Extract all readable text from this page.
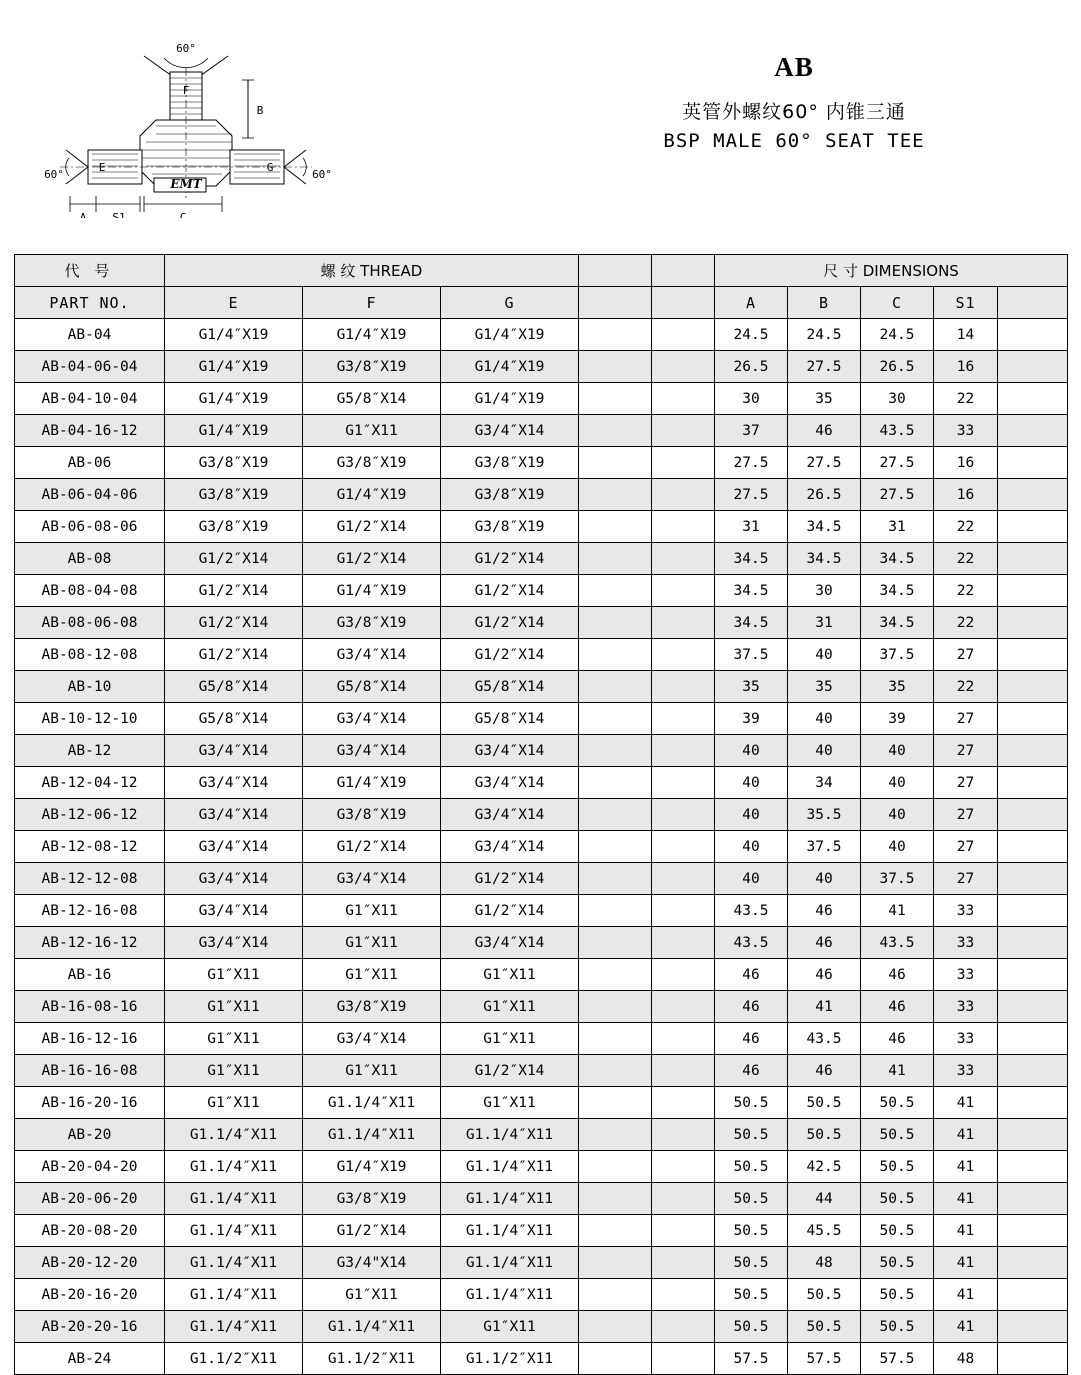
60°
F
60°	60°
E	G
B
A S1	C
EMT
AB
英管外螺纹60° 内锥三通
BSP MALE 60° SEAT TEE
代 号	螺 纹 THREAD					尺 寸 DIMENSIONS				
PART NO.	E	F	G			A	B	C	S1	
AB-04	G1/4″X19	G1/4″X19	G1/4″X19			24.5	24.5	24.5	14	
AB-04-06-04	G1/4″X19	G3/8″X19	G1/4″X19			26.5	27.5	26.5	16	
AB-04-10-04	G1/4″X19	G5/8″X14	G1/4″X19			30	35	30	22	
AB-04-16-12	G1/4″X19	G1″X11	G3/4″X14			37	46	43.5	33	
AB-06	G3/8″X19	G3/8″X19	G3/8″X19			27.5	27.5	27.5	16	
AB-06-04-06	G3/8″X19	G1/4″X19	G3/8″X19			27.5	26.5	27.5	16	
AB-06-08-06	G3/8″X19	G1/2″X14	G3/8″X19			31	34.5	31	22	
AB-08	G1/2″X14	G1/2″X14	G1/2″X14			34.5	34.5	34.5	22	
AB-08-04-08	G1/2″X14	G1/4″X19	G1/2″X14			34.5	30	34.5	22	
AB-08-06-08	G1/2″X14	G3/8″X19	G1/2″X14			34.5	31	34.5	22	
AB-08-12-08	G1/2″X14	G3/4″X14	G1/2″X14			37.5	40	37.5	27	
AB-10	G5/8″X14	G5/8″X14	G5/8″X14			35	35	35	22	
AB-10-12-10	G5/8″X14	G3/4″X14	G5/8″X14			39	40	39	27	
AB-12	G3/4″X14	G3/4″X14	G3/4″X14			40	40	40	27	
AB-12-04-12	G3/4″X14	G1/4″X19	G3/4″X14			40	34	40	27	
AB-12-06-12	G3/4″X14	G3/8″X19	G3/4″X14			40	35.5	40	27	
AB-12-08-12	G3/4″X14	G1/2″X14	G3/4″X14			40	37.5	40	27	
AB-12-12-08	G3/4″X14	G3/4″X14	G1/2″X14			40	40	37.5	27	
AB-12-16-08	G3/4″X14	G1″X11	G1/2″X14			43.5	46	41	33	
AB-12-16-12	G3/4″X14	G1″X11	G3/4″X14			43.5	46	43.5	33	
AB-16	G1″X11	G1″X11	G1″X11			46	46	46	33	
AB-16-08-16	G1″X11	G3/8″X19	G1″X11			46	41	46	33	
AB-16-12-16	G1″X11	G3/4″X14	G1″X11			46	43.5	46	33	
AB-16-16-08	G1″X11	G1″X11	G1/2″X14			46	46	41	33	
AB-16-20-16	G1″X11	G1.1/4″X11	G1″X11			50.5	50.5	50.5	41	
AB-20	G1.1/4″X11	G1.1/4″X11	G1.1/4″X11			50.5	50.5	50.5	41	
AB-20-04-20	G1.1/4″X11	G1/4″X19	G1.1/4″X11			50.5	42.5	50.5	41	
AB-20-06-20	G1.1/4″X11	G3/8″X19	G1.1/4″X11			50.5	44	50.5	41	
AB-20-08-20	G1.1/4″X11	G1/2″X14	G1.1/4″X11			50.5	45.5	50.5	41	
AB-20-12-20	G1.1/4″X11	G3/4"X14	G1.1/4″X11			50.5	48	50.5	41	
AB-20-16-20	G1.1/4″X11	G1″X11	G1.1/4″X11			50.5	50.5	50.5	41	
AB-20-20-16	G1.1/4″X11	G1.1/4″X11	G1″X11			50.5	50.5	50.5	41	
AB-24	G1.1/2″X11	G1.1/2″X11	G1.1/2″X11			57.5	57.5	57.5	48	
